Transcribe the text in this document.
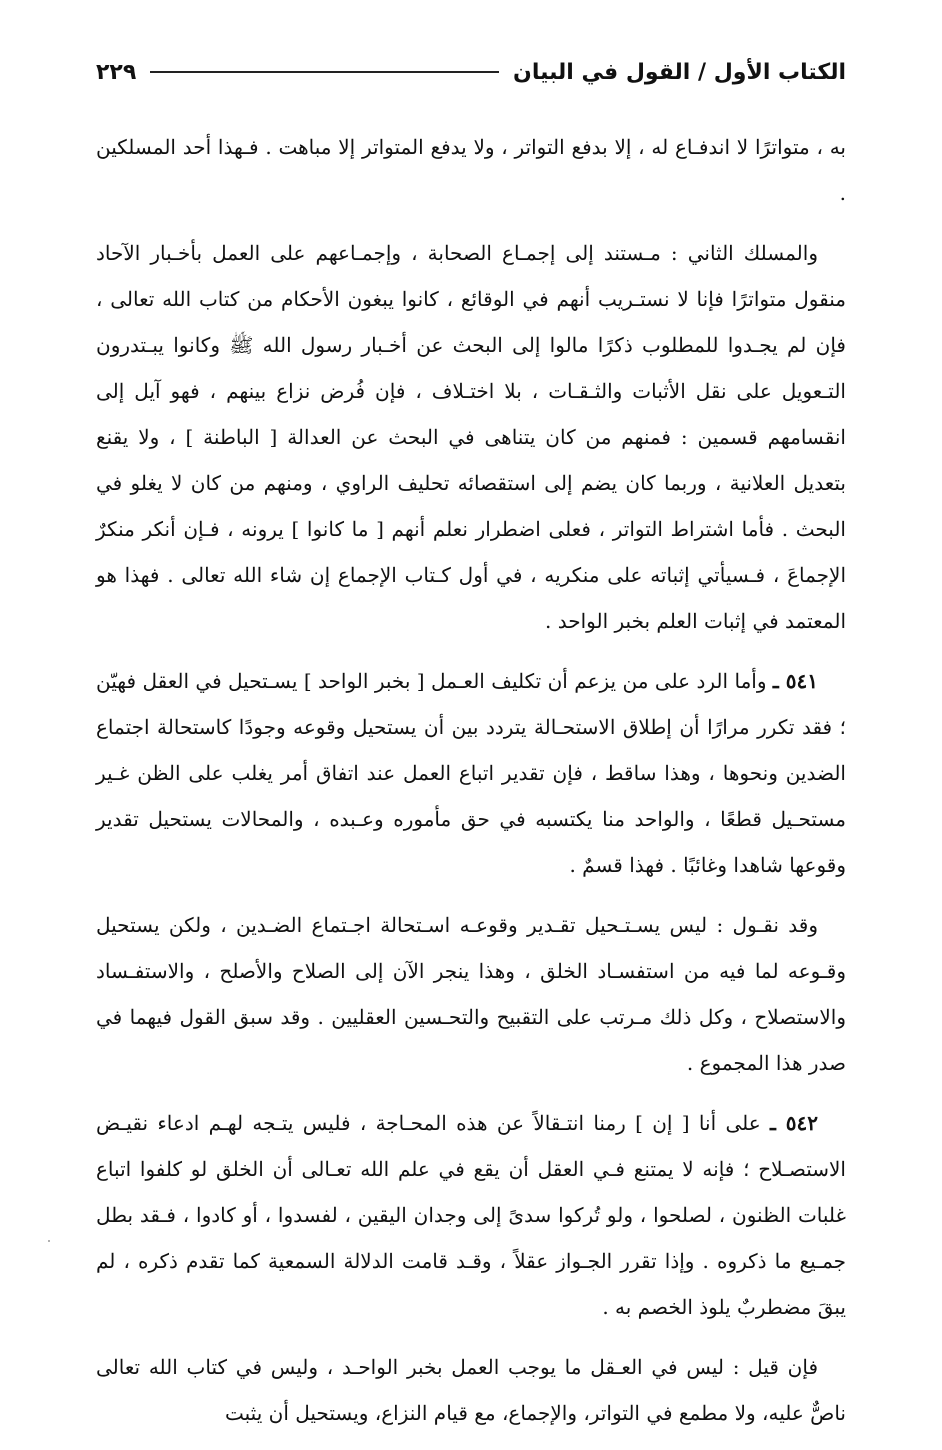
الكتاب الأول / القول في البيان
٢٢٩

به ، متواترًا لا اندفـاع له ، إلا بدفع التواتر ، ولا يدفع المتواتر إلا مباهت . فـهذا أحد المسلكين .

والمسلك الثاني : مـستند إلى إجمـاع الصحابة ، وإجمـاعهم على العمل بأخـبار الآحاد منقول متواترًا فإنا لا نستـريب أنهم في الوقائع ، كانوا يبغون الأحكام من كتاب الله تعالى ، فإن لم يجـدوا للمطلوب ذكرًا مالوا إلى البحث عن أخـبار رسول الله ﷺ وكانوا يبـتدرون التـعويل على نقل الأثبات والثـقـات ، بلا اختـلاف ، فإن فُرض نزاع بينهم ، فهو آيل إلى انقسامهم قسمين : فمنهم من كان يتناهى في البحث عن العدالة [ الباطنة ] ، ولا يقنع بتعديل العلانية ، وربما كان يضم إلى استقصائه تحليف الراوي ، ومنهم من كان لا يغلو في البحث . فأما اشتراط التواتر ، فعلى اضطرار نعلم أنهم [ ما كانوا ] يرونه ، فـإن أنكر منكرٌ الإجماعَ ، فـسيأتي إثباته على منكريه ، في أول كـتاب الإجماع إن شاء الله تعالى . فهذا هو المعتمد في إثبات العلم بخبر الواحد .

٥٤١ ـ وأما الرد على من يزعم أن تكليف العـمل [ بخبر الواحد ] يسـتحيل في العقل فهيّن ؛ فقد تكرر مرارًا أن إطلاق الاستحـالة يتردد بين أن يستحيل وقوعه وجودًا كاستحالة اجتماع الضدين ونحوها ، وهذا ساقط ، فإن تقدير اتباع العمل عند اتفاق أمر يغلب على الظن غـير مستحـيل قطعًا ، والواحد منا يكتسبه في حق مأموره وعـبده ، والمحالات يستحيل تقدير وقوعها شاهدا وغائبًا . فهذا قسمٌ .

وقد نقـول : ليس يسـتـحيل تقـدير وقوعـه اسـتحالة اجـتماع الضـدين ، ولكن يستحيل وقـوعه لما فيه من استفسـاد الخلق ، وهذا ينجر الآن إلى الصلاح والأصلح ، والاستفـساد والاستصلاح ، وكل ذلك مـرتب على التقبيح والتحـسين العقليين . وقد سبق القول فيهما في صدر هذا المجموع .

٥٤٢ ـ على أنا [ إن ] رمنا انتـقالاً عن هذه المحـاجة ، فليس يتـجه لهـم ادعاء نقيـض الاستصـلاح ؛ فإنه لا يمتنع فـي العقل أن يقع في علم الله تعـالى أن الخلق لو كلفوا اتباع غلبات الظنون ، لصلحوا ، ولو تُركوا سدىً إلى وجدان اليقين ، لفسدوا ، أو كادوا ، فـقد بطل جمـيع ما ذكروه . وإذا تقرر الجـواز عقلاً ، وقـد قامت الدلالة السمعية كما تقدم ذكره ، لم يبقَ مضطربٌ يلوذ الخصم به .

فإن قيل : ليس في العـقل ما يوجب العمل بخبر الواحـد ، وليس في كتاب الله تعالى ناصٌّ عليه، ولا مطمع في التواتر، والإجماع، مع قيام النزاع، ويستحيل أن يثبت
